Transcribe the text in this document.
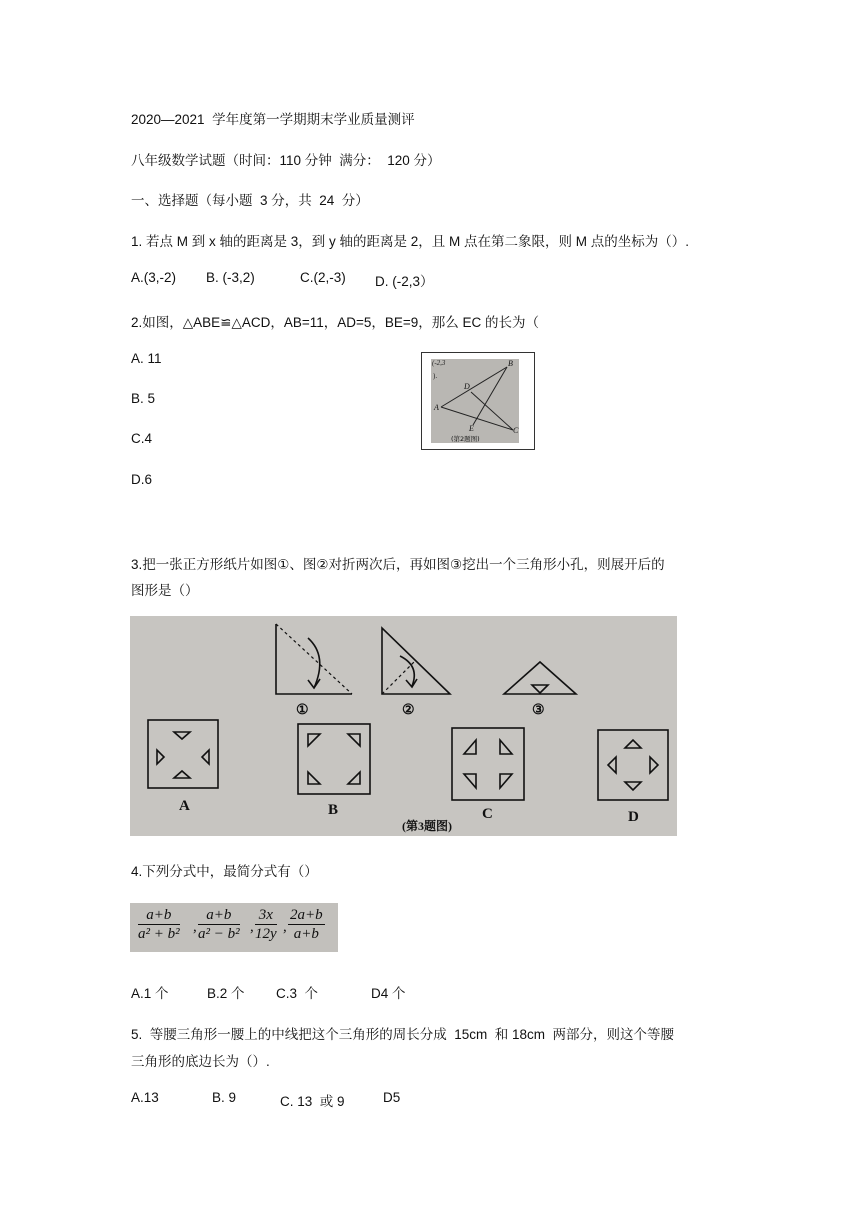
2020—2021  学年度第一学期期末学业质量测评
八年级数学试题（时间：110 分钟  满分：  120 分）
一、选择题（每小题  3 分，共  24  分）
1. 若点 M 到 x 轴的距离是 3，到 y 轴的距离是 2，且 M 点在第二象限，则 M 点的坐标为（）.
A.(3,-2) B. (-3,2)	C.(2,-3) D. (-2,3）
2.如图，△ABE≌△ACD，AB=11，AD=5，BE=9，那么 EC 的长为（
A. 11
B. 5
C.4
D.6
(-2,3
).
A
B
C
D
E
(第2题图)
3.把一张正方形纸片如图①、图②对折两次后，再如图③挖出一个三角形小孔，则展开后的
图形是（）
①	②	③
A	B	C	D
(第3题图)
4.下列分式中，最简分式有（）
$\frac{a+b}{\text{a² + b²}}$ , $\frac{a+b}{\text{a² − b²}}$ , $\frac{3x}{12y}$ , $\frac{2a+b}{a+b}$
A.1 个	B.2 个 C.3  个	D4 个
5.  等腰三角形一腰上的中线把这个三角形的周长分成  15cm  和 18cm  两部分，则这个等腰
三角形的底边长为（）.
A.13	B. 9	C. 13  或 9	D5
